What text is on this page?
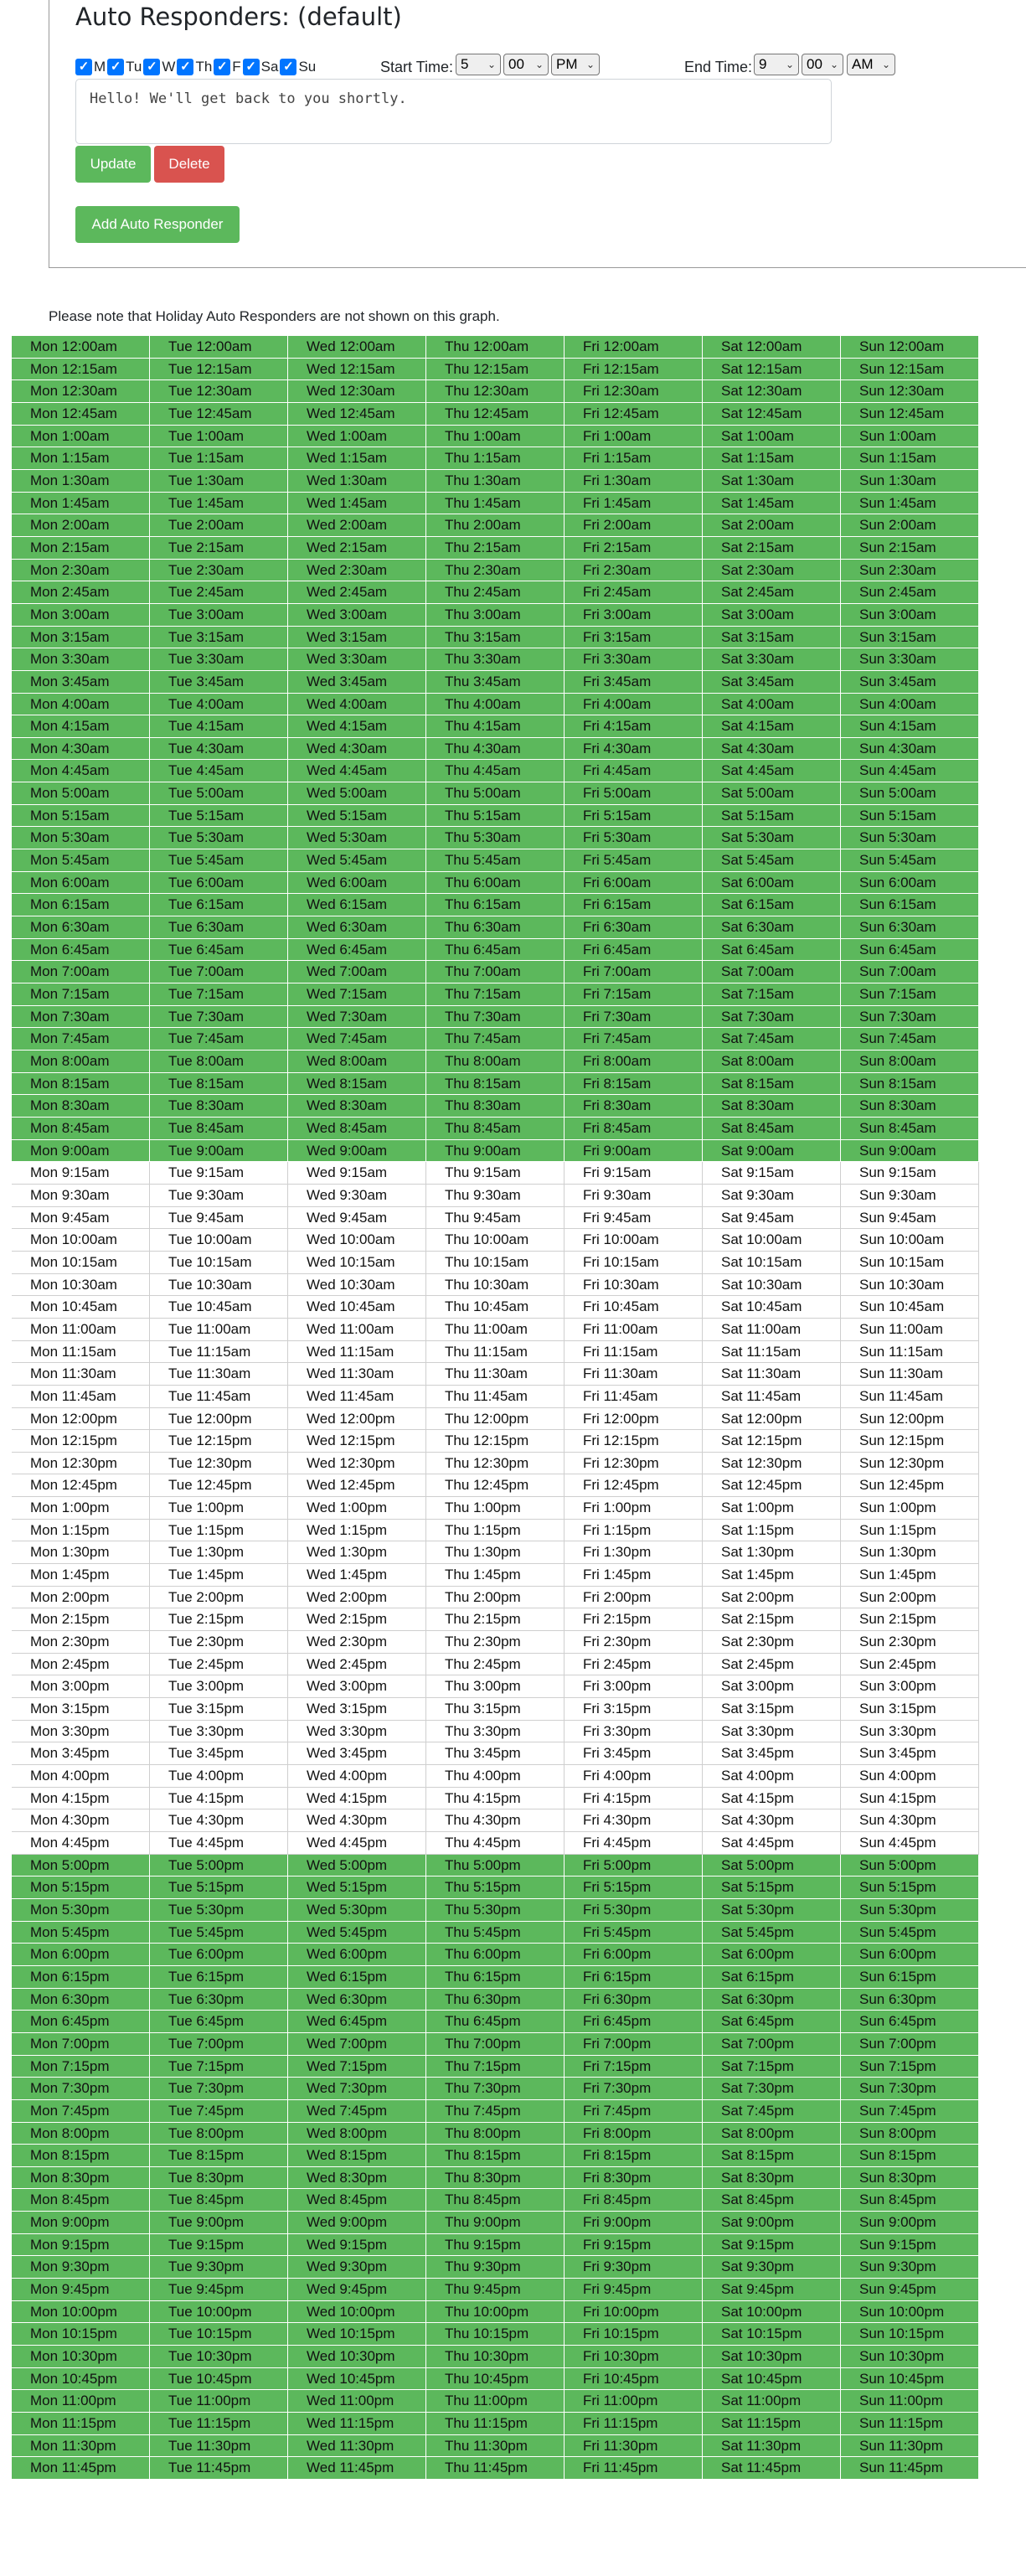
Auto Responders: (default)
✓ M ✓ Tu ✓ W ✓ Th ✓ F ✓ Sa ✓ Su	Start Time: 5 ⌄ 00 ⌄ PM ⌄	End Time: 9 ⌄ 00 ⌄ AM ⌄
Hello! We'll get back to you shortly.
Update	Delete
Add Auto Responder
Please note that Holiday Auto Responders are not shown on this graph.
Mon 12:00am	Tue 12:00am	Wed 12:00am	Thu 12:00am	Fri 12:00am	Sat 12:00am	Sun 12:00am
Mon 12:15am	Tue 12:15am	Wed 12:15am	Thu 12:15am	Fri 12:15am	Sat 12:15am	Sun 12:15am
Mon 12:30am	Tue 12:30am	Wed 12:30am	Thu 12:30am	Fri 12:30am	Sat 12:30am	Sun 12:30am
Mon 12:45am	Tue 12:45am	Wed 12:45am	Thu 12:45am	Fri 12:45am	Sat 12:45am	Sun 12:45am
Mon 1:00am	Tue 1:00am	Wed 1:00am	Thu 1:00am	Fri 1:00am	Sat 1:00am	Sun 1:00am
Mon 1:15am	Tue 1:15am	Wed 1:15am	Thu 1:15am	Fri 1:15am	Sat 1:15am	Sun 1:15am
Mon 1:30am	Tue 1:30am	Wed 1:30am	Thu 1:30am	Fri 1:30am	Sat 1:30am	Sun 1:30am
Mon 1:45am	Tue 1:45am	Wed 1:45am	Thu 1:45am	Fri 1:45am	Sat 1:45am	Sun 1:45am
Mon 2:00am	Tue 2:00am	Wed 2:00am	Thu 2:00am	Fri 2:00am	Sat 2:00am	Sun 2:00am
Mon 2:15am	Tue 2:15am	Wed 2:15am	Thu 2:15am	Fri 2:15am	Sat 2:15am	Sun 2:15am
Mon 2:30am	Tue 2:30am	Wed 2:30am	Thu 2:30am	Fri 2:30am	Sat 2:30am	Sun 2:30am
Mon 2:45am	Tue 2:45am	Wed 2:45am	Thu 2:45am	Fri 2:45am	Sat 2:45am	Sun 2:45am
Mon 3:00am	Tue 3:00am	Wed 3:00am	Thu 3:00am	Fri 3:00am	Sat 3:00am	Sun 3:00am
Mon 3:15am	Tue 3:15am	Wed 3:15am	Thu 3:15am	Fri 3:15am	Sat 3:15am	Sun 3:15am
Mon 3:30am	Tue 3:30am	Wed 3:30am	Thu 3:30am	Fri 3:30am	Sat 3:30am	Sun 3:30am
Mon 3:45am	Tue 3:45am	Wed 3:45am	Thu 3:45am	Fri 3:45am	Sat 3:45am	Sun 3:45am
Mon 4:00am	Tue 4:00am	Wed 4:00am	Thu 4:00am	Fri 4:00am	Sat 4:00am	Sun 4:00am
Mon 4:15am	Tue 4:15am	Wed 4:15am	Thu 4:15am	Fri 4:15am	Sat 4:15am	Sun 4:15am
Mon 4:30am	Tue 4:30am	Wed 4:30am	Thu 4:30am	Fri 4:30am	Sat 4:30am	Sun 4:30am
Mon 4:45am	Tue 4:45am	Wed 4:45am	Thu 4:45am	Fri 4:45am	Sat 4:45am	Sun 4:45am
Mon 5:00am	Tue 5:00am	Wed 5:00am	Thu 5:00am	Fri 5:00am	Sat 5:00am	Sun 5:00am
Mon 5:15am	Tue 5:15am	Wed 5:15am	Thu 5:15am	Fri 5:15am	Sat 5:15am	Sun 5:15am
Mon 5:30am	Tue 5:30am	Wed 5:30am	Thu 5:30am	Fri 5:30am	Sat 5:30am	Sun 5:30am
Mon 5:45am	Tue 5:45am	Wed 5:45am	Thu 5:45am	Fri 5:45am	Sat 5:45am	Sun 5:45am
Mon 6:00am	Tue 6:00am	Wed 6:00am	Thu 6:00am	Fri 6:00am	Sat 6:00am	Sun 6:00am
Mon 6:15am	Tue 6:15am	Wed 6:15am	Thu 6:15am	Fri 6:15am	Sat 6:15am	Sun 6:15am
Mon 6:30am	Tue 6:30am	Wed 6:30am	Thu 6:30am	Fri 6:30am	Sat 6:30am	Sun 6:30am
Mon 6:45am	Tue 6:45am	Wed 6:45am	Thu 6:45am	Fri 6:45am	Sat 6:45am	Sun 6:45am
Mon 7:00am	Tue 7:00am	Wed 7:00am	Thu 7:00am	Fri 7:00am	Sat 7:00am	Sun 7:00am
Mon 7:15am	Tue 7:15am	Wed 7:15am	Thu 7:15am	Fri 7:15am	Sat 7:15am	Sun 7:15am
Mon 7:30am	Tue 7:30am	Wed 7:30am	Thu 7:30am	Fri 7:30am	Sat 7:30am	Sun 7:30am
Mon 7:45am	Tue 7:45am	Wed 7:45am	Thu 7:45am	Fri 7:45am	Sat 7:45am	Sun 7:45am
Mon 8:00am	Tue 8:00am	Wed 8:00am	Thu 8:00am	Fri 8:00am	Sat 8:00am	Sun 8:00am
Mon 8:15am	Tue 8:15am	Wed 8:15am	Thu 8:15am	Fri 8:15am	Sat 8:15am	Sun 8:15am
Mon 8:30am	Tue 8:30am	Wed 8:30am	Thu 8:30am	Fri 8:30am	Sat 8:30am	Sun 8:30am
Mon 8:45am	Tue 8:45am	Wed 8:45am	Thu 8:45am	Fri 8:45am	Sat 8:45am	Sun 8:45am
Mon 9:00am	Tue 9:00am	Wed 9:00am	Thu 9:00am	Fri 9:00am	Sat 9:00am	Sun 9:00am
Mon 9:15am	Tue 9:15am	Wed 9:15am	Thu 9:15am	Fri 9:15am	Sat 9:15am	Sun 9:15am
Mon 9:30am	Tue 9:30am	Wed 9:30am	Thu 9:30am	Fri 9:30am	Sat 9:30am	Sun 9:30am
Mon 9:45am	Tue 9:45am	Wed 9:45am	Thu 9:45am	Fri 9:45am	Sat 9:45am	Sun 9:45am
Mon 10:00am	Tue 10:00am	Wed 10:00am	Thu 10:00am	Fri 10:00am	Sat 10:00am	Sun 10:00am
Mon 10:15am	Tue 10:15am	Wed 10:15am	Thu 10:15am	Fri 10:15am	Sat 10:15am	Sun 10:15am
Mon 10:30am	Tue 10:30am	Wed 10:30am	Thu 10:30am	Fri 10:30am	Sat 10:30am	Sun 10:30am
Mon 10:45am	Tue 10:45am	Wed 10:45am	Thu 10:45am	Fri 10:45am	Sat 10:45am	Sun 10:45am
Mon 11:00am	Tue 11:00am	Wed 11:00am	Thu 11:00am	Fri 11:00am	Sat 11:00am	Sun 11:00am
Mon 11:15am	Tue 11:15am	Wed 11:15am	Thu 11:15am	Fri 11:15am	Sat 11:15am	Sun 11:15am
Mon 11:30am	Tue 11:30am	Wed 11:30am	Thu 11:30am	Fri 11:30am	Sat 11:30am	Sun 11:30am
Mon 11:45am	Tue 11:45am	Wed 11:45am	Thu 11:45am	Fri 11:45am	Sat 11:45am	Sun 11:45am
Mon 12:00pm	Tue 12:00pm	Wed 12:00pm	Thu 12:00pm	Fri 12:00pm	Sat 12:00pm	Sun 12:00pm
Mon 12:15pm	Tue 12:15pm	Wed 12:15pm	Thu 12:15pm	Fri 12:15pm	Sat 12:15pm	Sun 12:15pm
Mon 12:30pm	Tue 12:30pm	Wed 12:30pm	Thu 12:30pm	Fri 12:30pm	Sat 12:30pm	Sun 12:30pm
Mon 12:45pm	Tue 12:45pm	Wed 12:45pm	Thu 12:45pm	Fri 12:45pm	Sat 12:45pm	Sun 12:45pm
Mon 1:00pm	Tue 1:00pm	Wed 1:00pm	Thu 1:00pm	Fri 1:00pm	Sat 1:00pm	Sun 1:00pm
Mon 1:15pm	Tue 1:15pm	Wed 1:15pm	Thu 1:15pm	Fri 1:15pm	Sat 1:15pm	Sun 1:15pm
Mon 1:30pm	Tue 1:30pm	Wed 1:30pm	Thu 1:30pm	Fri 1:30pm	Sat 1:30pm	Sun 1:30pm
Mon 1:45pm	Tue 1:45pm	Wed 1:45pm	Thu 1:45pm	Fri 1:45pm	Sat 1:45pm	Sun 1:45pm
Mon 2:00pm	Tue 2:00pm	Wed 2:00pm	Thu 2:00pm	Fri 2:00pm	Sat 2:00pm	Sun 2:00pm
Mon 2:15pm	Tue 2:15pm	Wed 2:15pm	Thu 2:15pm	Fri 2:15pm	Sat 2:15pm	Sun 2:15pm
Mon 2:30pm	Tue 2:30pm	Wed 2:30pm	Thu 2:30pm	Fri 2:30pm	Sat 2:30pm	Sun 2:30pm
Mon 2:45pm	Tue 2:45pm	Wed 2:45pm	Thu 2:45pm	Fri 2:45pm	Sat 2:45pm	Sun 2:45pm
Mon 3:00pm	Tue 3:00pm	Wed 3:00pm	Thu 3:00pm	Fri 3:00pm	Sat 3:00pm	Sun 3:00pm
Mon 3:15pm	Tue 3:15pm	Wed 3:15pm	Thu 3:15pm	Fri 3:15pm	Sat 3:15pm	Sun 3:15pm
Mon 3:30pm	Tue 3:30pm	Wed 3:30pm	Thu 3:30pm	Fri 3:30pm	Sat 3:30pm	Sun 3:30pm
Mon 3:45pm	Tue 3:45pm	Wed 3:45pm	Thu 3:45pm	Fri 3:45pm	Sat 3:45pm	Sun 3:45pm
Mon 4:00pm	Tue 4:00pm	Wed 4:00pm	Thu 4:00pm	Fri 4:00pm	Sat 4:00pm	Sun 4:00pm
Mon 4:15pm	Tue 4:15pm	Wed 4:15pm	Thu 4:15pm	Fri 4:15pm	Sat 4:15pm	Sun 4:15pm
Mon 4:30pm	Tue 4:30pm	Wed 4:30pm	Thu 4:30pm	Fri 4:30pm	Sat 4:30pm	Sun 4:30pm
Mon 4:45pm	Tue 4:45pm	Wed 4:45pm	Thu 4:45pm	Fri 4:45pm	Sat 4:45pm	Sun 4:45pm
Mon 5:00pm	Tue 5:00pm	Wed 5:00pm	Thu 5:00pm	Fri 5:00pm	Sat 5:00pm	Sun 5:00pm
Mon 5:15pm	Tue 5:15pm	Wed 5:15pm	Thu 5:15pm	Fri 5:15pm	Sat 5:15pm	Sun 5:15pm
Mon 5:30pm	Tue 5:30pm	Wed 5:30pm	Thu 5:30pm	Fri 5:30pm	Sat 5:30pm	Sun 5:30pm
Mon 5:45pm	Tue 5:45pm	Wed 5:45pm	Thu 5:45pm	Fri 5:45pm	Sat 5:45pm	Sun 5:45pm
Mon 6:00pm	Tue 6:00pm	Wed 6:00pm	Thu 6:00pm	Fri 6:00pm	Sat 6:00pm	Sun 6:00pm
Mon 6:15pm	Tue 6:15pm	Wed 6:15pm	Thu 6:15pm	Fri 6:15pm	Sat 6:15pm	Sun 6:15pm
Mon 6:30pm	Tue 6:30pm	Wed 6:30pm	Thu 6:30pm	Fri 6:30pm	Sat 6:30pm	Sun 6:30pm
Mon 6:45pm	Tue 6:45pm	Wed 6:45pm	Thu 6:45pm	Fri 6:45pm	Sat 6:45pm	Sun 6:45pm
Mon 7:00pm	Tue 7:00pm	Wed 7:00pm	Thu 7:00pm	Fri 7:00pm	Sat 7:00pm	Sun 7:00pm
Mon 7:15pm	Tue 7:15pm	Wed 7:15pm	Thu 7:15pm	Fri 7:15pm	Sat 7:15pm	Sun 7:15pm
Mon 7:30pm	Tue 7:30pm	Wed 7:30pm	Thu 7:30pm	Fri 7:30pm	Sat 7:30pm	Sun 7:30pm
Mon 7:45pm	Tue 7:45pm	Wed 7:45pm	Thu 7:45pm	Fri 7:45pm	Sat 7:45pm	Sun 7:45pm
Mon 8:00pm	Tue 8:00pm	Wed 8:00pm	Thu 8:00pm	Fri 8:00pm	Sat 8:00pm	Sun 8:00pm
Mon 8:15pm	Tue 8:15pm	Wed 8:15pm	Thu 8:15pm	Fri 8:15pm	Sat 8:15pm	Sun 8:15pm
Mon 8:30pm	Tue 8:30pm	Wed 8:30pm	Thu 8:30pm	Fri 8:30pm	Sat 8:30pm	Sun 8:30pm
Mon 8:45pm	Tue 8:45pm	Wed 8:45pm	Thu 8:45pm	Fri 8:45pm	Sat 8:45pm	Sun 8:45pm
Mon 9:00pm	Tue 9:00pm	Wed 9:00pm	Thu 9:00pm	Fri 9:00pm	Sat 9:00pm	Sun 9:00pm
Mon 9:15pm	Tue 9:15pm	Wed 9:15pm	Thu 9:15pm	Fri 9:15pm	Sat 9:15pm	Sun 9:15pm
Mon 9:30pm	Tue 9:30pm	Wed 9:30pm	Thu 9:30pm	Fri 9:30pm	Sat 9:30pm	Sun 9:30pm
Mon 9:45pm	Tue 9:45pm	Wed 9:45pm	Thu 9:45pm	Fri 9:45pm	Sat 9:45pm	Sun 9:45pm
Mon 10:00pm	Tue 10:00pm	Wed 10:00pm	Thu 10:00pm	Fri 10:00pm	Sat 10:00pm	Sun 10:00pm
Mon 10:15pm	Tue 10:15pm	Wed 10:15pm	Thu 10:15pm	Fri 10:15pm	Sat 10:15pm	Sun 10:15pm
Mon 10:30pm	Tue 10:30pm	Wed 10:30pm	Thu 10:30pm	Fri 10:30pm	Sat 10:30pm	Sun 10:30pm
Mon 10:45pm	Tue 10:45pm	Wed 10:45pm	Thu 10:45pm	Fri 10:45pm	Sat 10:45pm	Sun 10:45pm
Mon 11:00pm	Tue 11:00pm	Wed 11:00pm	Thu 11:00pm	Fri 11:00pm	Sat 11:00pm	Sun 11:00pm
Mon 11:15pm	Tue 11:15pm	Wed 11:15pm	Thu 11:15pm	Fri 11:15pm	Sat 11:15pm	Sun 11:15pm
Mon 11:30pm	Tue 11:30pm	Wed 11:30pm	Thu 11:30pm	Fri 11:30pm	Sat 11:30pm	Sun 11:30pm
Mon 11:45pm	Tue 11:45pm	Wed 11:45pm	Thu 11:45pm	Fri 11:45pm	Sat 11:45pm	Sun 11:45pm
